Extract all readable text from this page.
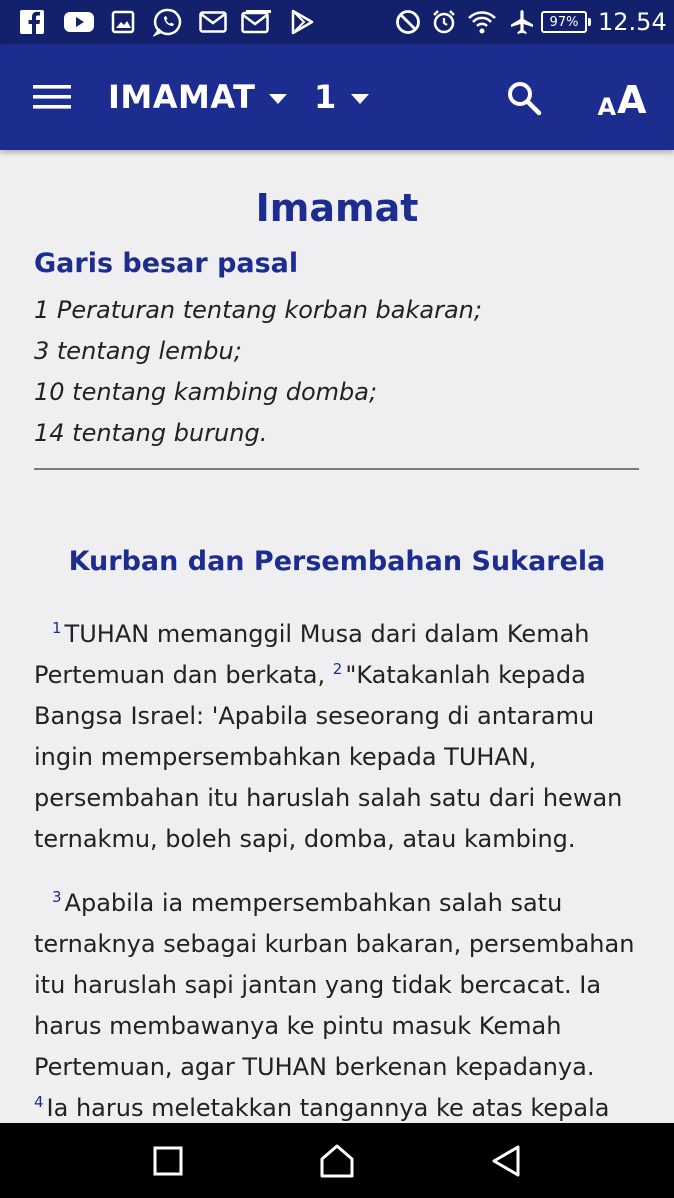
97% 12.54
IMAMAT 1	A A
Imamat
Garis besar pasal
1 Peraturan tentang korban bakaran;
3 tentang lembu;
10 tentang kambing domba;
14 tentang burung.
Kurban dan Persembahan Sukarela
$^1$ TUHAN memanggil Musa dari dalam Kemah Pertemuan dan berkata, $^2$ "Katakanlah kepada Bangsa Israel: 'Apabila seseorang di antaramu ingin mempersembahkan kepada TUHAN, persembahan itu haruslah salah satu dari hewan ternakmu, boleh sapi, domba, atau kambing.
$^3$ Apabila ia mempersembahkan salah satu ternaknya sebagai kurban bakaran, persembahan itu haruslah sapi jantan yang tidak bercacat. Ia harus membawanya ke pintu masuk Kemah Pertemuan, agar TUHAN berkenan kepadanya.
$^4$ Ia harus meletakkan tangannya ke atas kepala
